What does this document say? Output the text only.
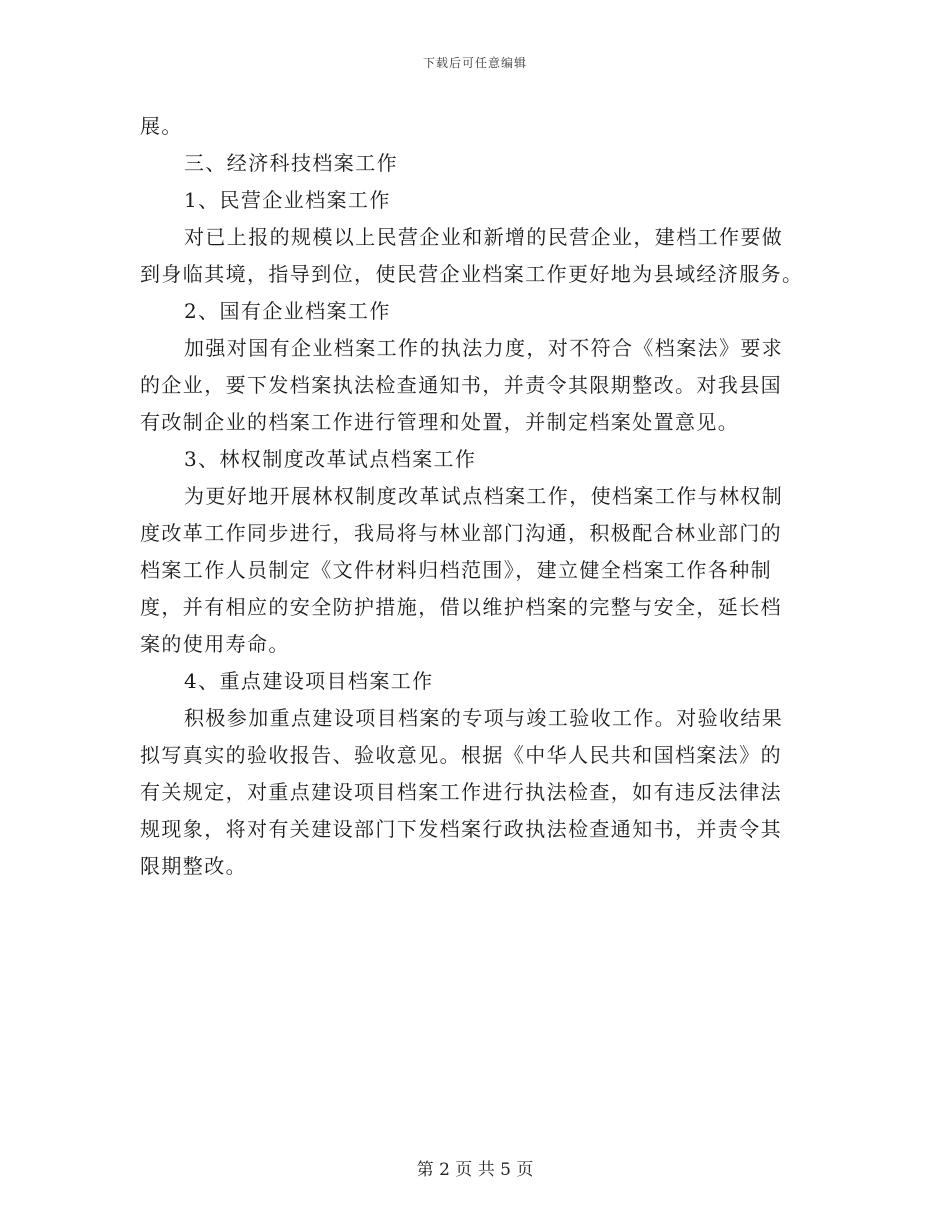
下载后可任意编辑
展。
三、经济科技档案工作
1、民营企业档案工作
对已上报的规模以上民营企业和新增的民营企业，建档工作要做
到身临其境，指导到位，使民营企业档案工作更好地为县域经济服务。
2、国有企业档案工作
加强对国有企业档案工作的执法力度，对不符合《档案法》要求
的企业，要下发档案执法检查通知书，并责令其限期整改。对我县国
有改制企业的档案工作进行管理和处置，并制定档案处置意见。
3、林权制度改革试点档案工作
为更好地开展林权制度改革试点档案工作，使档案工作与林权制
度改革工作同步进行，我局将与林业部门沟通，积极配合林业部门的
档案工作人员制定《文件材料归档范围》，建立健全档案工作各种制
度，并有相应的安全防护措施，借以维护档案的完整与安全，延长档
案的使用寿命。
4、重点建设项目档案工作
积极参加重点建设项目档案的专项与竣工验收工作。对验收结果
拟写真实的验收报告、验收意见。根据《中华人民共和国档案法》的
有关规定，对重点建设项目档案工作进行执法检查，如有违反法律法
规现象，将对有关建设部门下发档案行政执法检查通知书，并责令其
限期整改。
第 2 页 共 5 页
